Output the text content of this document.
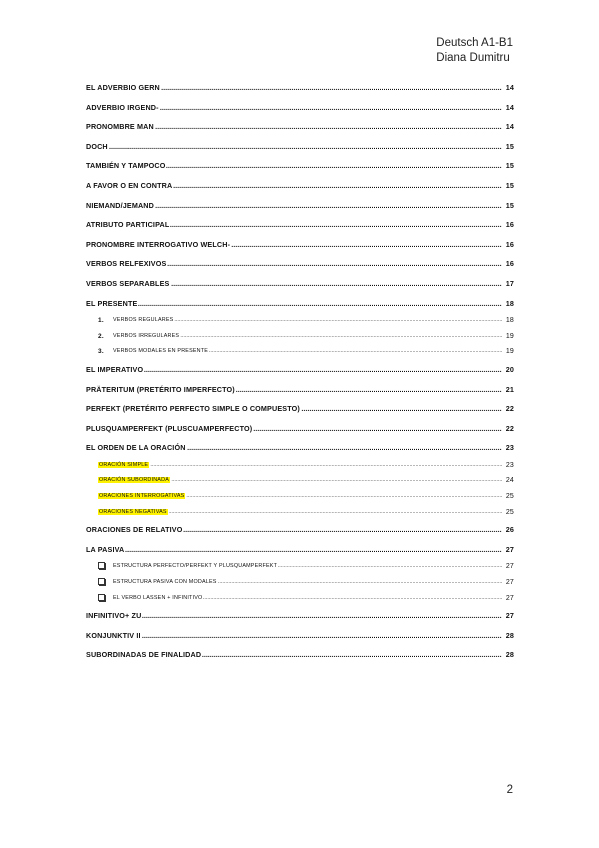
Deutsch A1-B1
Diana Dumitru
.....
EL ADVERBIO GERN	14
.....
ADVERBIO IRGEND-	14
.....
PRONOMBRE MAN	14
.....
DOCH	15
.....
TAMBIÉN Y TAMPOCO	15
.....
A FAVOR O EN CONTRA	15
.....
NIEMAND/JEMAND	15
.....
ATRIBUTO PARTICIPAL	16
.....
PRONOMBRE INTERROGATIVO WELCH-	16
.....
VERBOS RELFEXIVOS	16
.....
VERBOS SEPARABLES	17
.....
EL PRESENTE	18
1. ..... VERBOS REGULARES	18
2. ..... VERBOS IRREGULARES	19
3. ..... VERBOS MODALES EN PRESENTE	19
.....
EL IMPERATIVO	20
.....
PRÄTERITUM (PRETÉRITO IMPERFECTO)	21
.....
PERFEKT (PRETÉRITO PERFECTO SIMPLE O COMPUESTO)	22
.....
PLUSQUAMPERFEKT (PLUSCUAMPERFECTO)	22
.....
EL ORDEN DE LA ORACIÓN	23
.....
ORACIÓN SIMPLE	23
.....
ORACIÓN SUBORDINADA	24
.....
ORACIONES INTERROGATIVAS	25
.....
ORACIONES NEGATIVAS	25
.....
ORACIONES DE RELATIVO	26
.....
LA PASIVA	27
.....
ESTRUCTURA PERFECTO/PERFEKT Y PLUSQUAMPERFEKT	27
.....
ESTRUCTURA PASIVA CON MODALES	27
.....
EL VERBO LASSEN + INFINITIVO	27
.....
INFINITIVO+ ZU	27
.....
KONJUNKTIV II	28
.....
SUBORDINADAS DE FINALIDAD	28
2
